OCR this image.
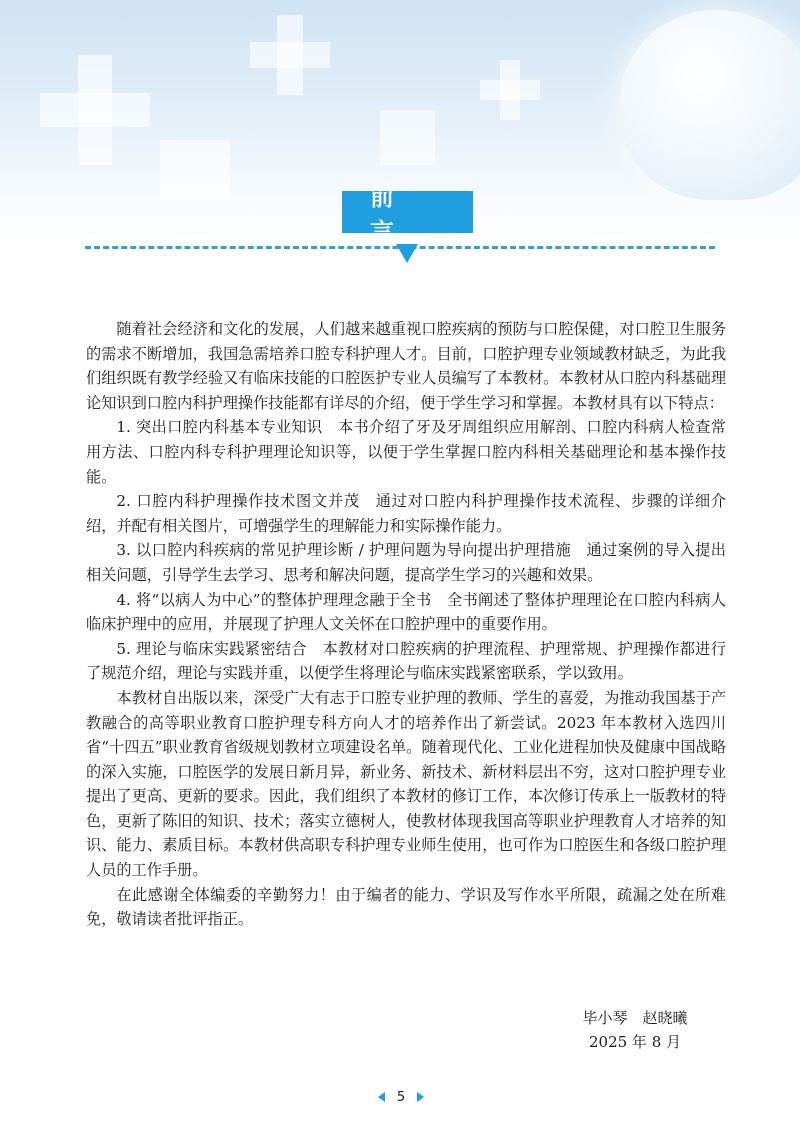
前 言

随着社会经济和文化的发展，人们越来越重视口腔疾病的预防与口腔保健，对口腔卫生服务的需求不断增加，我国急需培养口腔专科护理人才。目前，口腔护理专业领域教材缺乏，为此我们组织既有教学经验又有临床技能的口腔医护专业人员编写了本教材。本教材从口腔内科基础理论知识到口腔内科护理操作技能都有详尽的介绍，便于学生学习和掌握。本教材具有以下特点：

1. 突出口腔内科基本专业知识　本书介绍了牙及牙周组织应用解剖、口腔内科病人检查常用方法、口腔内科专科护理理论知识等，以便于学生掌握口腔内科相关基础理论和基本操作技能。

2. 口腔内科护理操作技术图文并茂　通过对口腔内科护理操作技术流程、步骤的详细介绍，并配有相关图片，可增强学生的理解能力和实际操作能力。

3. 以口腔内科疾病的常见护理诊断 / 护理问题为导向提出护理措施　通过案例的导入提出相关问题，引导学生去学习、思考和解决问题，提高学生学习的兴趣和效果。

4. 将“以病人为中心”的整体护理理念融于全书　全书阐述了整体护理理论在口腔内科病人临床护理中的应用，并展现了护理人文关怀在口腔护理中的重要作用。

5. 理论与临床实践紧密结合　本教材对口腔疾病的护理流程、护理常规、护理操作都进行了规范介绍，理论与实践并重，以便学生将理论与临床实践紧密联系，学以致用。

本教材自出版以来，深受广大有志于口腔专业护理的教师、学生的喜爱，为推动我国基于产教融合的高等职业教育口腔护理专科方向人才的培养作出了新尝试。2023 年本教材入选四川省“十四五”职业教育省级规划教材立项建设名单。随着现代化、工业化进程加快及健康中国战略的深入实施，口腔医学的发展日新月异，新业务、新技术、新材料层出不穷，这对口腔护理专业提出了更高、更新的要求。因此，我们组织了本教材的修订工作，本次修订传承上一版教材的特色，更新了陈旧的知识、技术；落实立德树人，使教材体现我国高等职业护理教育人才培养的知识、能力、素质目标。本教材供高职专科护理专业师生使用，也可作为口腔医生和各级口腔护理人员的工作手册。

在此感谢全体编委的辛勤努力！由于编者的能力、学识及写作水平所限，疏漏之处在所难免，敬请读者批评指正。

毕小琴　赵晓曦
2025 年 8 月
5
